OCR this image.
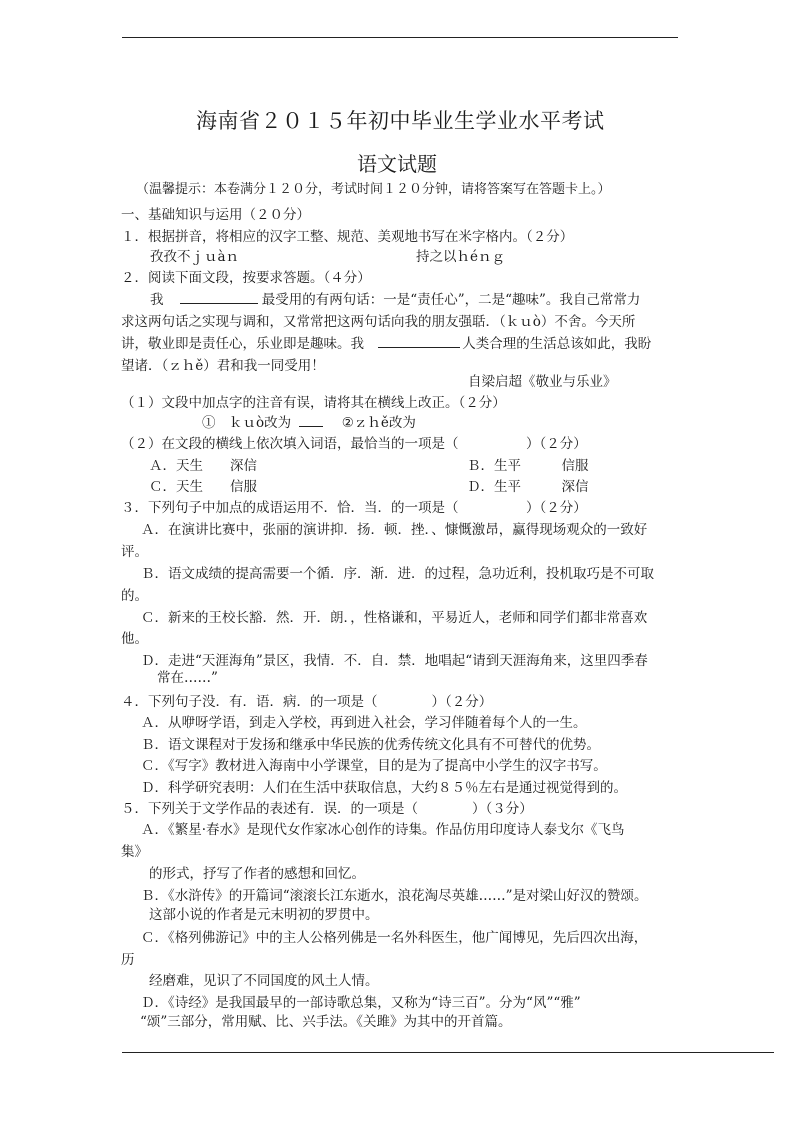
海南省２０１５年初中毕业生学业水平考试
语文试题
（温馨提示：本卷满分１２０分，考试时间１２０分钟，请将答案写在答题卡上。）
一、基础知识与运用（２０分）
１．根据拼音，将相应的汉字工整、规范、美观地书写在米字格内。（２分）
孜孜不ｊｕàｎ	持之以ｈéｎｇ
２．阅读下面文段，按要求答题。（４分）
我	最受用的有两句话：一是“责任心”，二是“趣味”。我自己常常力
求这两句话之实现与调和，又常常把这两句话向我的朋友强聒．（ｋｕò）不舍。今天所
讲，敬业即是责任心，乐业即是趣味。我	人类合理的生活总该如此，我盼
望诸．（ｚｈě）君和我一同受用！
自梁启超《敬业与乐业》
（１）文段中加点字的注音有误，请将其在横线上改正。（２分）
①　ｋｕò改为	②ｚｈě改为
（２）在文段的横线上依次填入词语，最恰当的一项是（　　　　　）（２分）
Ａ．天生　　深信	Ｂ．生平　　　信服
Ｃ．天生　　信服	Ｄ．生平　　　深信
３．下列句子中加点的成语运用不．恰．当．的一项是（　　　　　）（２分）
Ａ．在演讲比赛中，张丽的演讲抑．扬．顿．挫．、慷慨激昂，赢得现场观众的一致好
评。
Ｂ．语文成绩的提高需要一个循．序．渐．进．的过程，急功近利，投机取巧是不可取
的。
Ｃ．新来的王校长豁．然．开．朗．，性格谦和，平易近人，老师和同学们都非常喜欢
他。
Ｄ．走进“天涯海角”景区，我情．不．自．禁．地唱起“请到天涯海角来，这里四季春
常在……”
４．下列句子没．有．语．病．的一项是（　　　　）（２分）
Ａ．从咿呀学语，到走入学校，再到进入社会，学习伴随着每个人的一生。
Ｂ．语文课程对于发扬和继承中华民族的优秀传统文化具有不可替代的优势。
Ｃ．《写字》教材进入海南中小学课堂，目的是为了提高中小学生的汉字书写。
Ｄ．科学研究表明：人们在生活中获取信息，大约８５％左右是通过视觉得到的。
５．下列关于文学作品的表述有．误．的一项是（　　　　）（３分）
Ａ．《繁星·春水》是现代女作家冰心创作的诗集。作品仿用印度诗人泰戈尔《飞鸟
集》
的形式，抒写了作者的感想和回忆。
Ｂ．《水浒传》的开篇词“滚滚长江东逝水，浪花淘尽英雄……”是对梁山好汉的赞颂。
这部小说的作者是元末明初的罗贯中。
Ｃ．《格列佛游记》中的主人公格列佛是一名外科医生，他广闻博见，先后四次出海，
历
经磨难，见识了不同国度的风土人情。
Ｄ．《诗经》是我国最早的一部诗歌总集，又称为“诗三百”。分为“风”“雅”
“颂”三部分，常用赋、比、兴手法。《关雎》为其中的开首篇。
